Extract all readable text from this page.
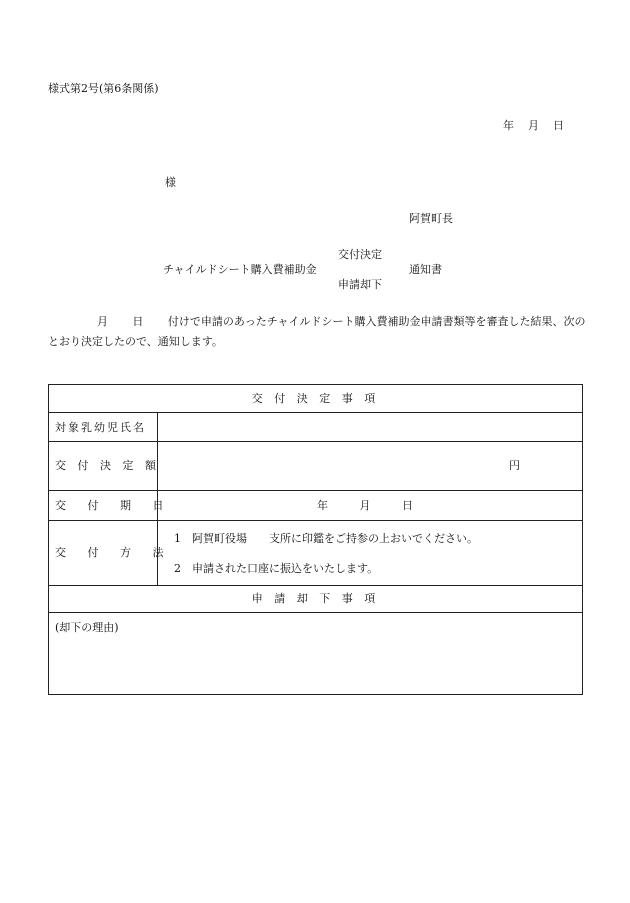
様式第2号(第6条関係)
年 月 日
様
阿賀町長
チャイルドシート購入費補助金
交付決定
申請却下
通知書
月       日       付けで申請のあったチャイルドシート購入費補助金申請書類等を審査した結果、次のとおり決定したので、通知します。
交 付 決 定 事 項
対象乳幼児氏名
交 付 決 定 額	円
交 付 期 日	年 月 日
交 付 方 法
1　阿賀町役場　　支所に印鑑をご持参の上おいでください。
2　申請された口座に振込をいたします。
申 請 却 下 事 項
(却下の理由)
